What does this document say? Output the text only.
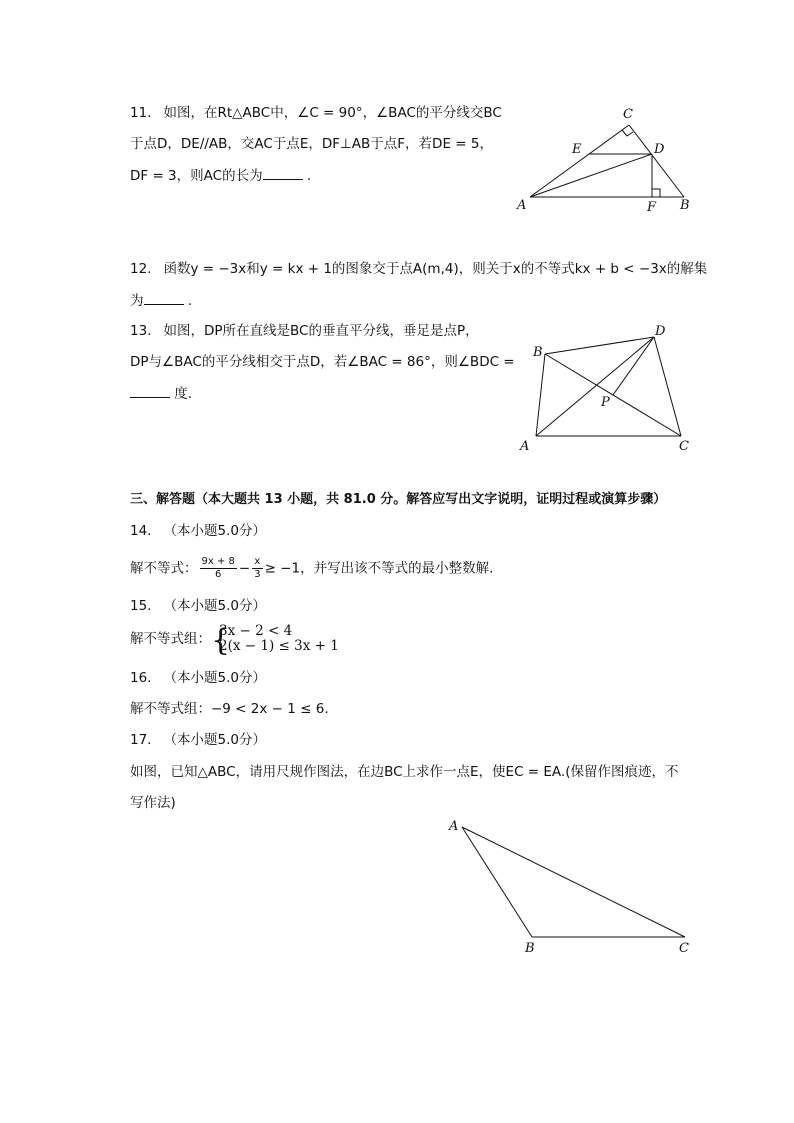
11. 如图，在Rt△ABC中，∠C = 90°，∠BAC的平分线交BC
于点D，DE//AB，交AC于点E，DF⊥AB于点F，若DE = 5，
DF = 3，则AC的长为	.
C
E	D
A	F B
12. 函数y = −3x和y = kx + 1的图象交于点A(m,4)，则关于x的不等式kx + b < −3x的解集
为	.
13. 如图，DP所在直线是BC的垂直平分线，垂足是点P，
DP与∠BAC的平分线相交于点D，若∠BAC = 86°，则∠BDC =
度.
D
B
P
A	C
三、解答题（本大题共 13 小题，共 81.0 分。解答应写出文字说明，证明过程或演算步骤）
14. （本小题5.0分）
解不等式： $\frac{9x + 8}{6} - \frac{x}{3} \ge -1$，并写出该不等式的最小整数解.
15. （本小题5.0分）
解不等式组： {
3x − 2 < 4
2(x − 1) ≤ 3x + 1
16. （本小题5.0分）
解不等式组：−9 < 2x − 1 ≤ 6.
17. （本小题5.0分）
如图，已知△ABC，请用尺规作图法，在边BC上求作一点E，使EC = EA.(保留作图痕迹，不
写作法)
A
B	C
